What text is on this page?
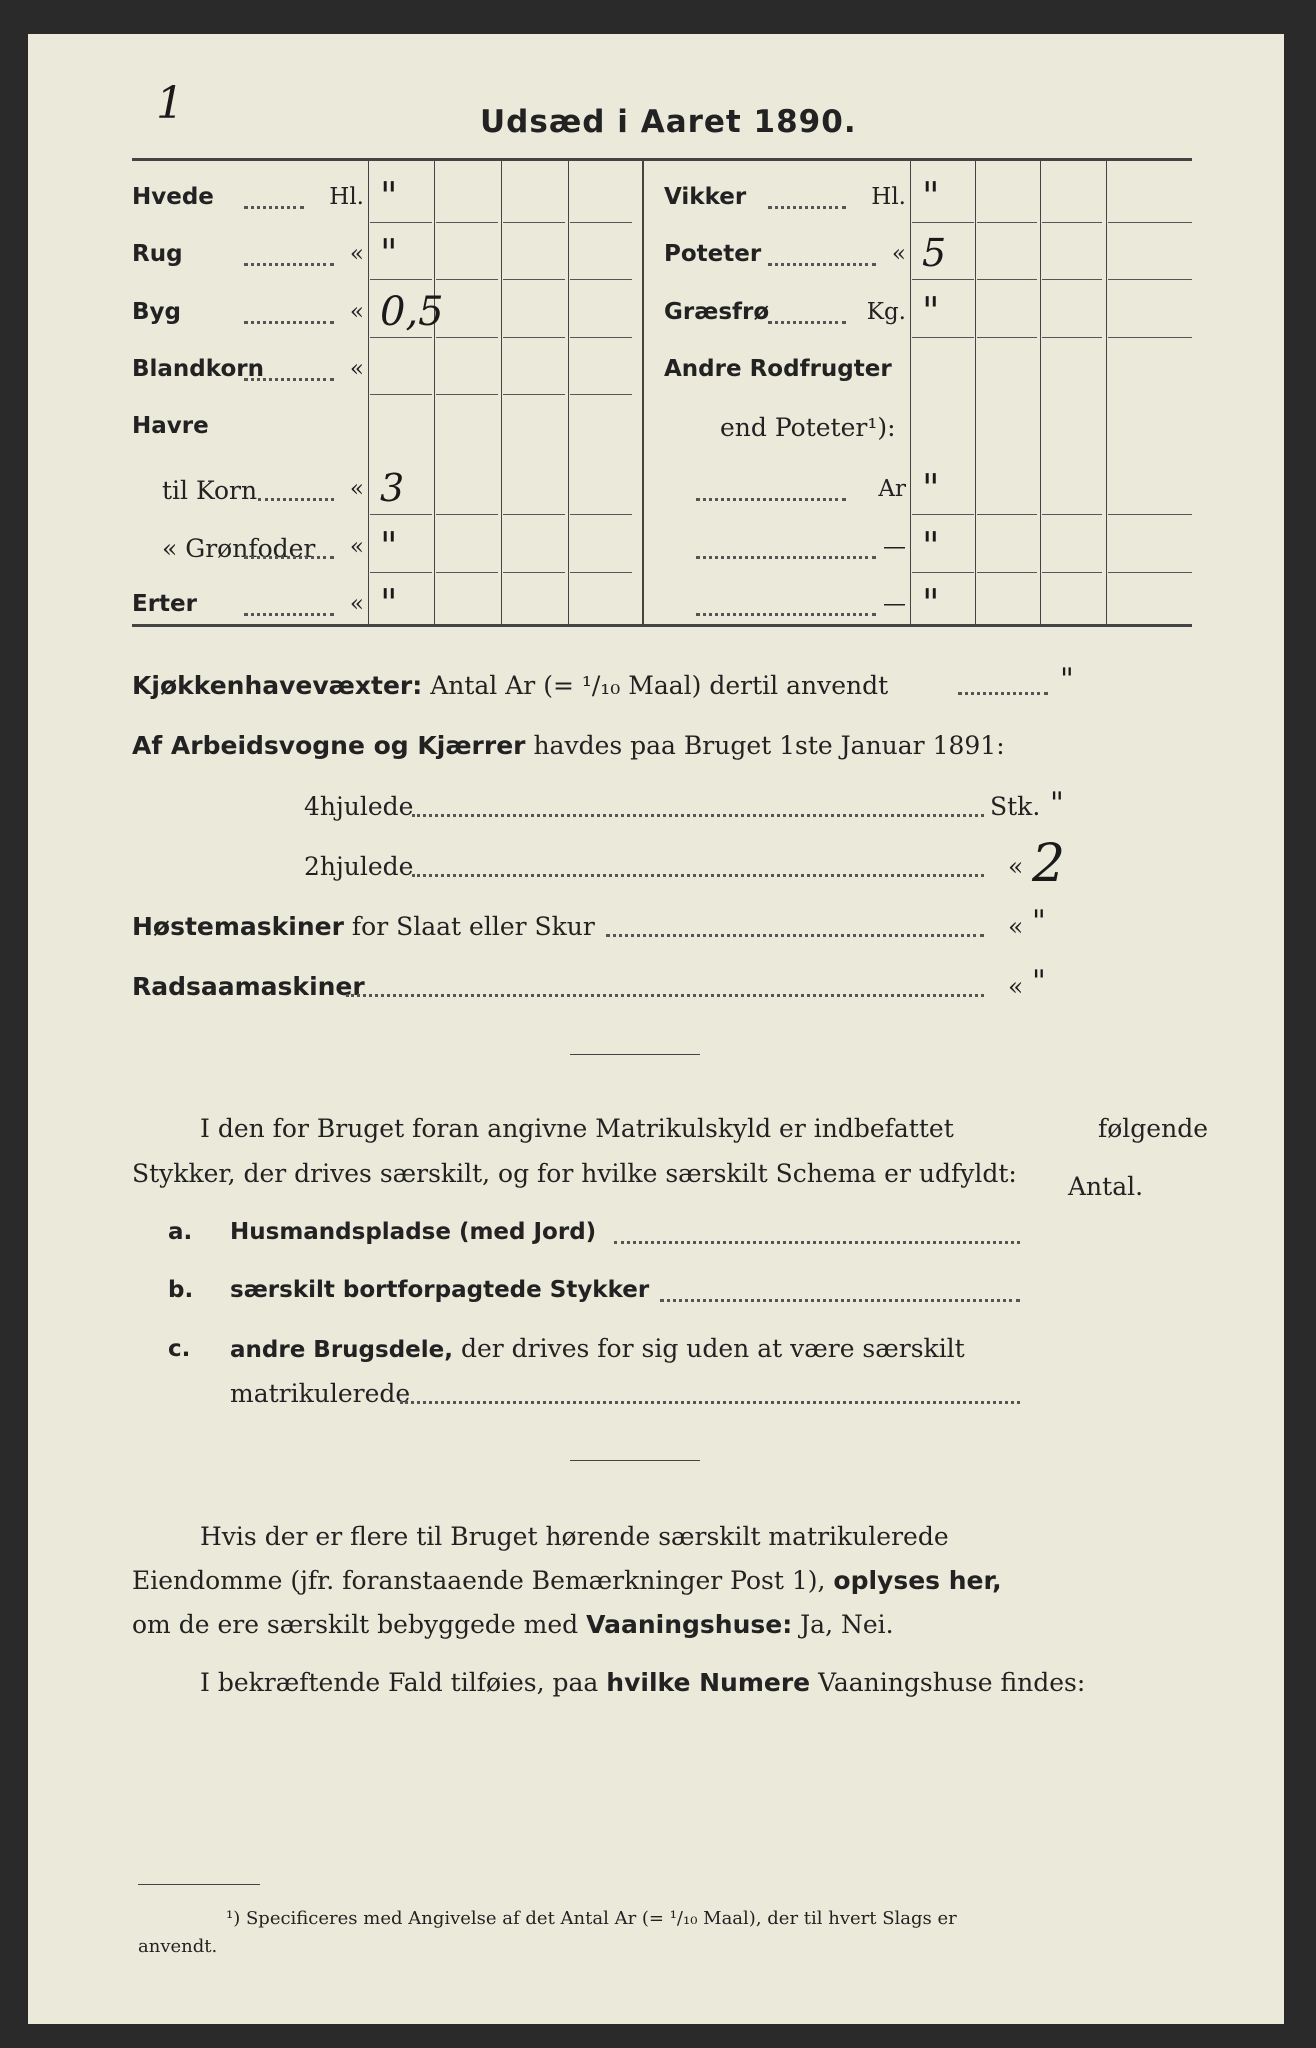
1	Udsæd i Aaret 1890.
Hvede	Hl. "
Rug	« "
Byg	« 0,5
Blandkorn	«
Havre
til Korn	« 3
« Grønfoder « "
Erter	« "
Vikker	Hl. "
Poteter	« 5
Græsfrø	Kg. "
Andre Rodfrugter
end Poteter¹):
Ar "
— "
— "
Kjøkkenhavevæxter: Antal Ar (= ¹/₁₀ Maal) dertil anvendt	"
Af Arbeidsvogne og Kjærrer havdes paa Bruget 1ste Januar 1891:
4hjulede	Stk. "
2hjulede	« 2
Høstemaskiner for Slaat eller Skur	« "
Radsaamaskiner	« "
I den for Bruget foran angivne Matrikulskyld er indbefattet	følgende
Stykker, der drives særskilt, og for hvilke særskilt Schema er udfyldt: Antal.
a. Husmandspladse (med Jord)
b. særskilt bortforpagtede Stykker
c. andre Brugsdele, der drives for sig uden at være særskilt
matrikulerede
Hvis der er flere til Bruget hørende særskilt matrikulerede
Eiendomme (jfr. foranstaaende Bemærkninger Post 1), oplyses her,
om de ere særskilt bebyggede med Vaaningshuse: Ja, Nei.
I bekræftende Fald tilføies, paa hvilke Numere Vaaningshuse findes:
¹) Specificeres med Angivelse af det Antal Ar (= ¹/₁₀ Maal), der til hvert Slags er
anvendt.
